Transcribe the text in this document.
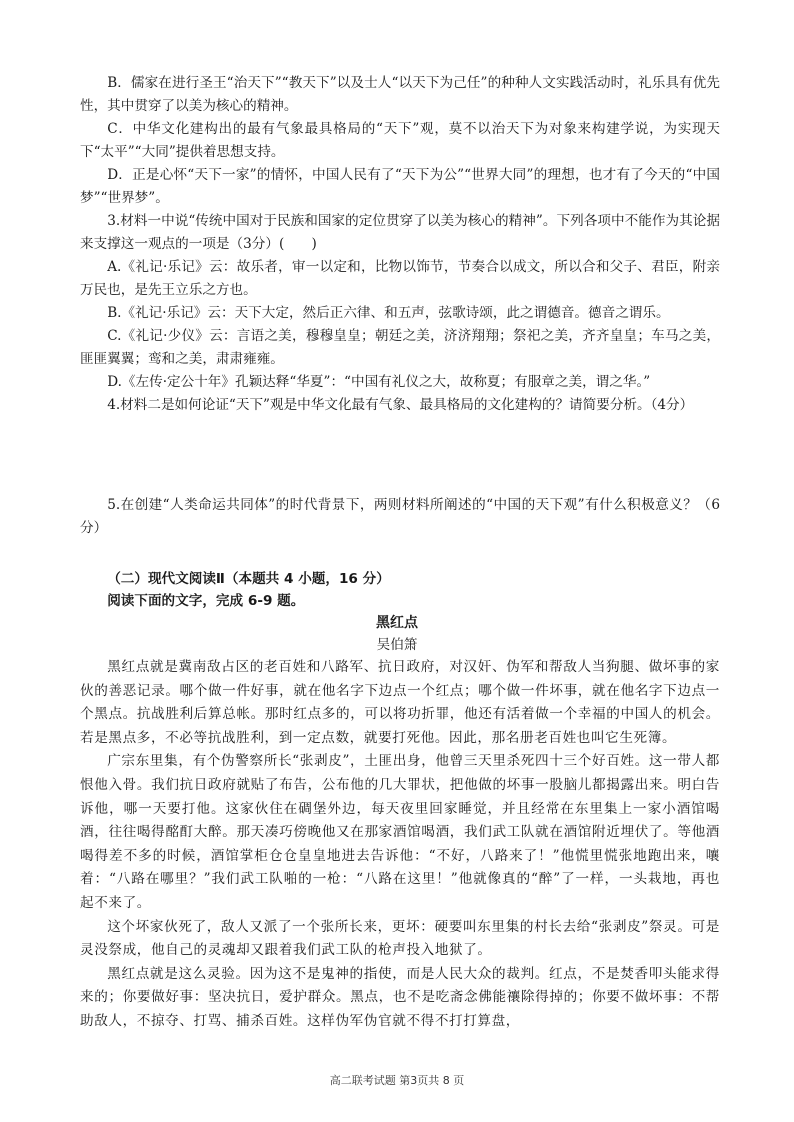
B．儒家在进行圣王“治天下”“教天下”以及士人“以天下为己任”的种种人文实践活动时，礼乐具有优先性，其中贯穿了以美为核心的精神。

C．中华文化建构出的最有气象最具格局的“天下”观，莫不以治天下为对象来构建学说，为实现天下“太平”“大同”提供着思想支持。

D．正是心怀“天下一家”的情怀，中国人民有了“天下为公”“世界大同”的理想，也才有了今天的“中国梦”“世界梦”。

3.材料一中说“传统中国对于民族和国家的定位贯穿了以美为核心的精神”。下列各项中不能作为其论据来支撑这一观点的一项是（3分）(　　)

A.《礼记·乐记》云：故乐者，审一以定和，比物以饰节，节奏合以成文，所以合和父子、君臣，附亲万民也，是先王立乐之方也。

B.《礼记·乐记》云：天下大定，然后正六律、和五声，弦歌诗颂，此之谓德音。德音之谓乐。

C.《礼记·少仪》云：言语之美，穆穆皇皇；朝廷之美，济济翔翔；祭祀之美，齐齐皇皇；车马之美，匪匪翼翼；鸾和之美，肃肃雍雍。

D.《左传·定公十年》孔颖达释“华夏”：“中国有礼仪之大，故称夏；有服章之美，谓之华。”

4.材料二是如何论证“天下”观是中华文化最有气象、最具格局的文化建构的？请简要分析。（4分）

5.在创建“人类命运共同体”的时代背景下，两则材料所阐述的“中国的天下观”有什么积极意义？（6分）

（二）现代文阅读Ⅱ（本题共 4 小题，16 分）
阅读下面的文字，完成 6-9 题。
黑红点
吴伯箫

黑红点就是冀南敌占区的老百姓和八路军、抗日政府，对汉奸、伪军和帮敌人当狗腿、做坏事的家伙的善恶记录。哪个做一件好事，就在他名字下边点一个红点；哪个做一件坏事，就在他名字下边点一个黑点。抗战胜利后算总帐。那时红点多的，可以将功折罪，他还有活着做一个幸福的中国人的机会。若是黑点多，不必等抗战胜利，到一定点数，就要打死他。因此，那名册老百姓也叫它生死簿。

广宗东里集，有个伪警察所长“张剥皮”，土匪出身，他曾三天里杀死四十三个好百姓。这一带人都恨他入骨。我们抗日政府就贴了布告，公布他的几大罪状，把他做的坏事一股脑儿都揭露出来。明白告诉他，哪一天要打他。这家伙住在碉堡外边，每天夜里回家睡觉，并且经常在东里集上一家小酒馆喝酒，往往喝得酩酊大醉。那天凑巧傍晚他又在那家酒馆喝酒，我们武工队就在酒馆附近埋伏了。等他酒喝得差不多的时候，酒馆掌柜仓仓皇皇地进去告诉他：“不好，八路来了！”他慌里慌张地跑出来，嚷着：“八路在哪里？”我们武工队啪的一枪：“八路在这里！”他就像真的“醉”了一样，一头栽地，再也起不来了。

这个坏家伙死了，敌人又派了一个张所长来，更坏：硬要叫东里集的村长去给“张剥皮”祭灵。可是灵没祭成，他自己的灵魂却又跟着我们武工队的枪声投入地狱了。

黑红点就是这么灵验。因为这不是鬼神的指使，而是人民大众的裁判。红点，不是焚香叩头能求得来的；你要做好事：坚决抗日，爱护群众。黑点，也不是吃斋念佛能禳除得掉的；你要不做坏事：不帮助敌人，不掠夺、打骂、捕杀百姓。这样伪军伪官就不得不打打算盘，

高二联考试题 第3页共 8 页
